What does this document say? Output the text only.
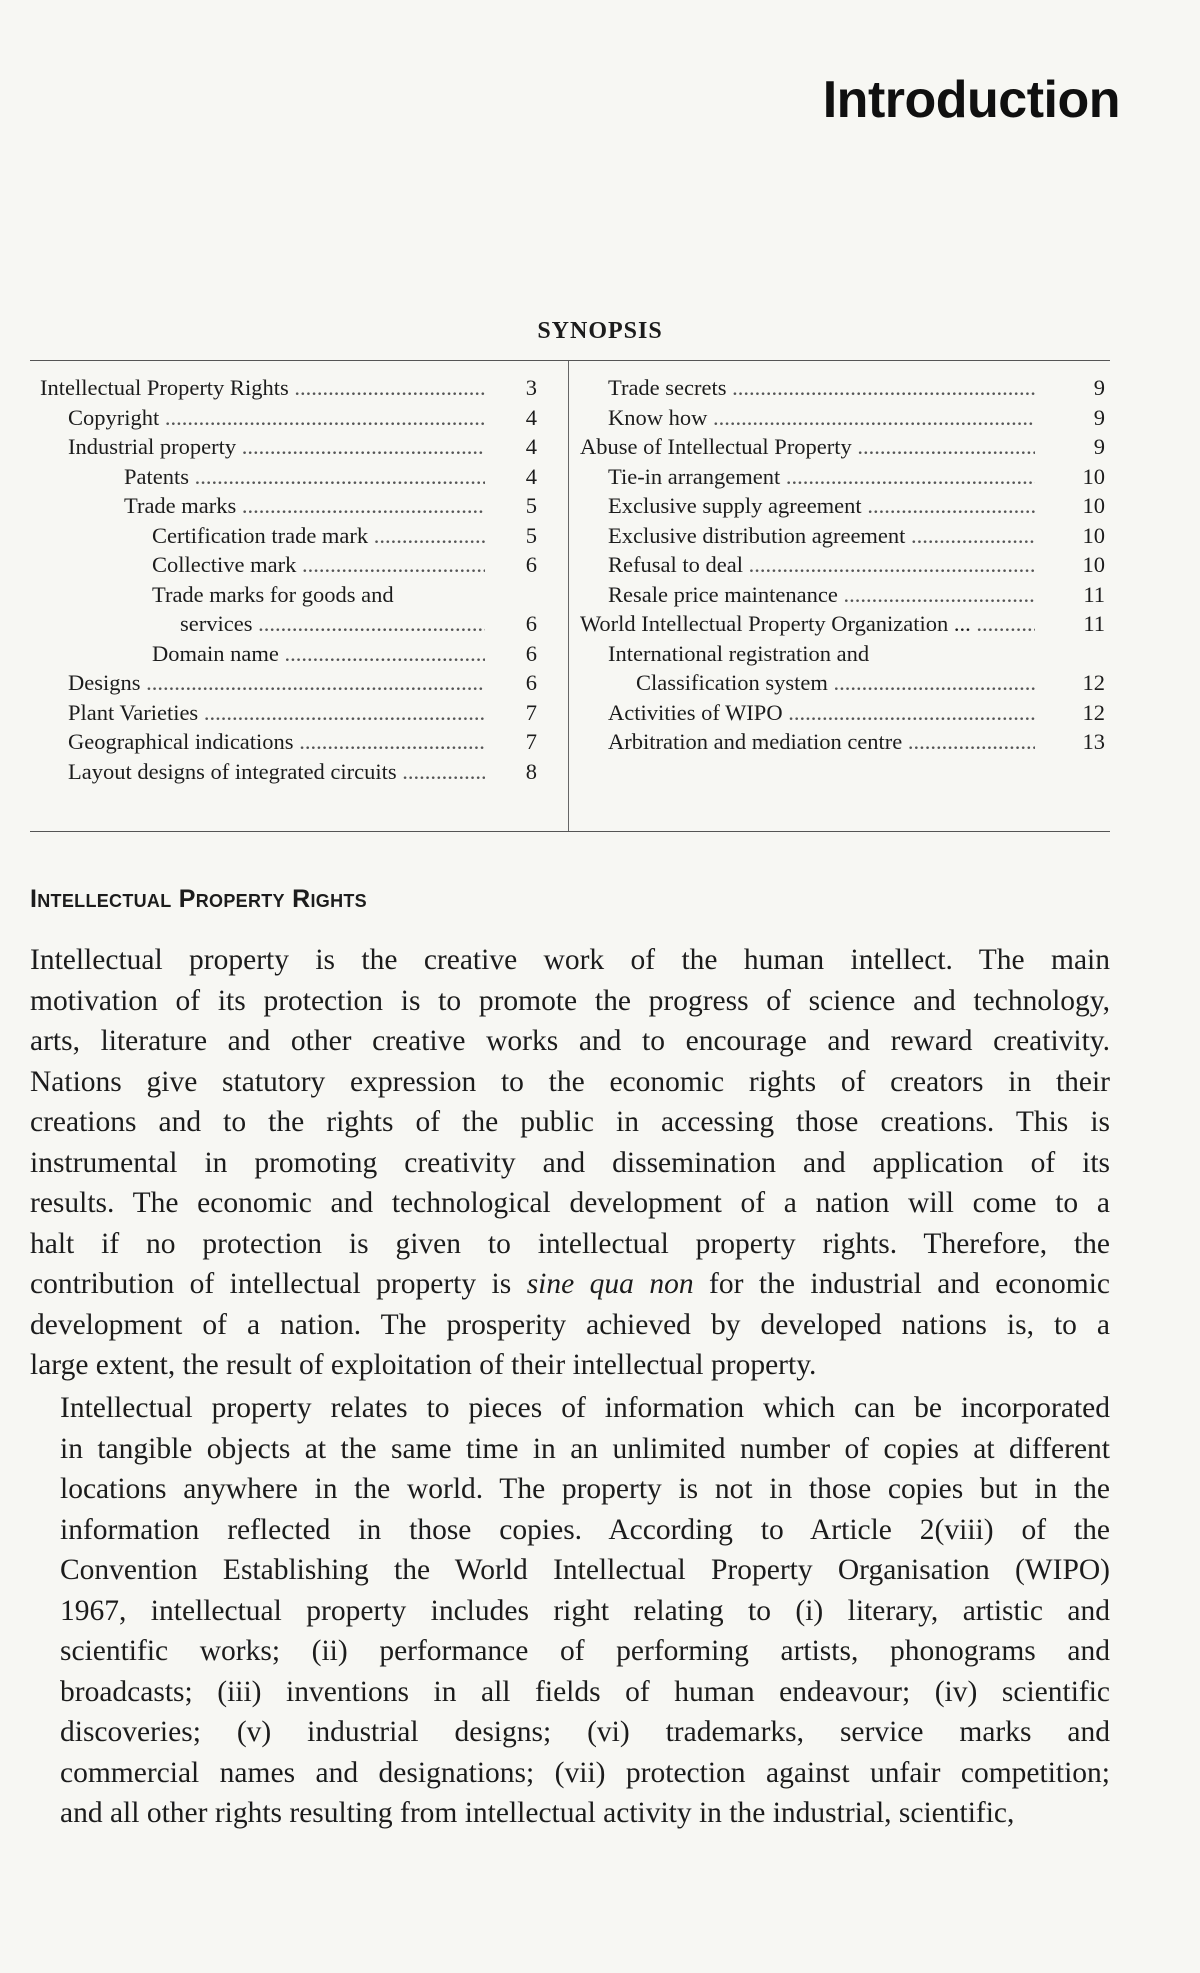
Introduction
SYNOPSIS
Intellectual Property Rights .....	3
Copyright .....	4
Industrial property .....	4
Patents .....	4
Trade marks .....	5
Certification trade mark .....	5
Collective mark .....	6
Trade marks for goods and
services .....	6
Domain name .....	6
Designs .....	6
Plant Varieties .....	7
Geographical indications .....	7
Layout designs of integrated circuits .....	8
Trade secrets .....	9
Know how .....	9
Abuse of Intellectual Property .....	9
Tie-in arrangement .....	10
Exclusive supply agreement .....	10
Exclusive distribution agreement .....	10
Refusal to deal .....	10
Resale price maintenance .....	11
World Intellectual Property Organization ... .....	11
International registration and
Classification system .....	12
Activities of WIPO .....	12
Arbitration and mediation centre .....	13
Intellectual Property Rights
Intellectual property is the creative work of the human intellect. The main
motivation of its protection is to promote the progress of science and technology,
arts, literature and other creative works and to encourage and reward creativity.
Nations give statutory expression to the economic rights of creators in their
creations and to the rights of the public in accessing those creations. This is
instrumental in promoting creativity and dissemination and application of its
results. The economic and technological development of a nation will come to a
halt if no protection is given to intellectual property rights. Therefore, the
contribution of intellectual property is sine qua non for the industrial and economic
development of a nation. The prosperity achieved by developed nations is, to a
large extent, the result of exploitation of their intellectual property.
Intellectual property relates to pieces of information which can be incorporated
in tangible objects at the same time in an unlimited number of copies at different
locations anywhere in the world. The property is not in those copies but in the
information reflected in those copies. According to Article 2(viii) of the
Convention Establishing the World Intellectual Property Organisation (WIPO)
1967, intellectual property includes right relating to (i) literary, artistic and
scientific works; (ii) performance of performing artists, phonograms and
broadcasts; (iii) inventions in all fields of human endeavour; (iv) scientific
discoveries; (v) industrial designs; (vi) trademarks, service marks and
commercial names and designations; (vii) protection against unfair competition;
and all other rights resulting from intellectual activity in the industrial, scientific,
